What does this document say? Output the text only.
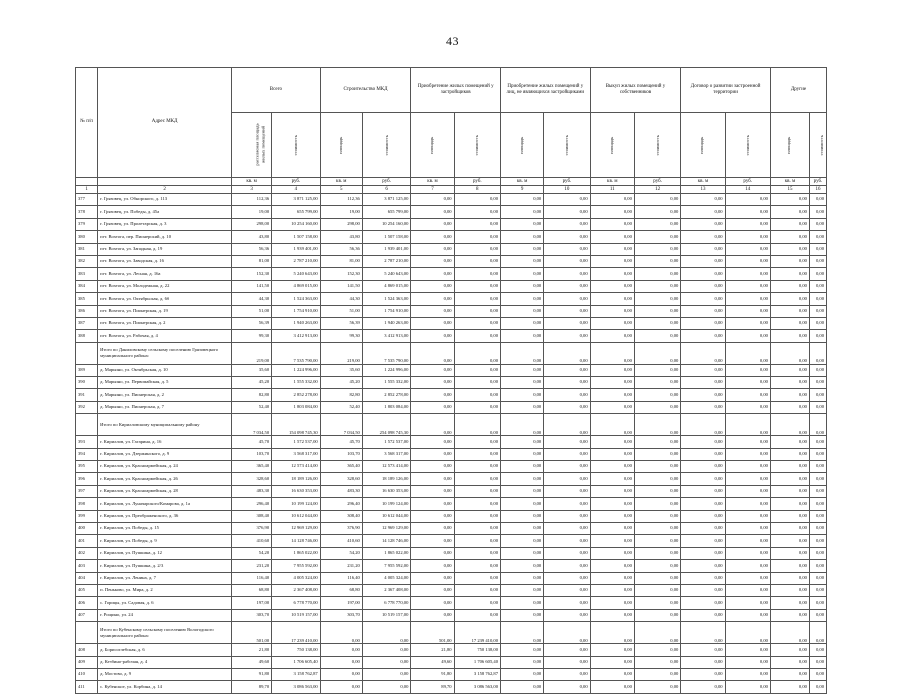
43
№ п/п	Адрес МКД	Всего		Строительство МКД		Приобретение жилых помещений у застройщиков		Приобретение жилых помещений у лиц, не являющихся застройщиками		Выкуп жилых помещений у собственников		Договор о развитии застроенной территории		Другие	
		расселяемая площадь жилых помещений	стоимость	площадь	стоимость	площадь	стоимость	площадь	стоимость	площадь	стоимость	площадь	стоимость	площадь	стоимость
		кв. м	руб.	кв. м	руб.	кв. м	руб.	кв. м	руб.	кв. м	руб.	кв. м	руб.	кв. м	руб.
1	2	3	4	5	6	7	8	9	10	11	12	13	14	15	16
377	г. Грязовец, ул. Обнорского, д. 113	112,36	3 871 125,00	112,36	3 871 125,00	0,00	0,00	0,00	0,00	0,00	0,00	0,00	0,00	0,00	0,00
378	г. Грязовец, ул. Победы, д. 45а	19,00	655 799,00	19,00	655 799,00	0,00	0,00	0,00	0,00	0,00	0,00	0,00	0,00	0,00	0,00
379	г. Грязовец, ул. Пролетарская, д. 3	298,00	10 254 160,00	298,00	10 254 160,00	0,00	0,00	0,00	0,00	0,00	0,00	0,00	0,00	0,00	0,00
380	пгт. Вохтога, пер. Пионерский, д. 10	43,80	1 507 158,00	43,80	1 507 158,00	0,00	0,00	0,00	0,00	0,00	0,00	0,00	0,00	0,00	0,00
381	пгт. Вохтога, ул. Западная, д. 19	56,36	1 939 401,00	56,36	1 939 401,00	0,00	0,00	0,00	0,00	0,00	0,00	0,00	0,00	0,00	0,00
382	пгт. Вохтога, ул. Заводская, д. 16	81,00	2 787 210,00	81,00	2 787 210,00	0,00	0,00	0,00	0,00	0,00	0,00	0,00	0,00	0,00	0,00
383	пгт. Вохтога, ул. Лесная, д. 16а	152,30	5 240 643,00	152,30	5 240 643,00	0,00	0,00	0,00	0,00	0,00	0,00	0,00	0,00	0,00	0,00
384	пгт. Вохтога, ул. Молодежная, д. 22	141,50	4 869 015,00	141,50	4 869 015,00	0,00	0,00	0,00	0,00	0,00	0,00	0,00	0,00	0,00	0,00
385	пгт. Вохтога, ул. Октябрьская, д. 6б	44,30	1 524 363,00	44,30	1 524 363,00	0,00	0,00	0,00	0,00	0,00	0,00	0,00	0,00	0,00	0,00
386	пгт. Вохтога, ул. Пионерская, д. 19	51,00	1 754 910,00	51,00	1 754 910,00	0,00	0,00	0,00	0,00	0,00	0,00	0,00	0,00	0,00	0,00
387	пгт. Вохтога, ул. Пионерская, д. 2	56,39	1 940 263,00	56,39	1 940 263,00	0,00	0,00	0,00	0,00	0,00	0,00	0,00	0,00	0,00	0,00
388	пгт. Вохтога, ул. Рабочая, д. 4	99,30	3 412 913,00	99,30	3 412 913,00	0,00	0,00	0,00	0,00	0,00	0,00	0,00	0,00	0,00	0,00
	Итого по Даниловскому сельскому поселению Грязовецкого муниципального района:	219,00	7 535 790,00	219,00	7 535 790,00	0,00	0,00	0,00	0,00	0,00	0,00	0,00	0,00	0,00	0,00
389	д. Марьино, ул. Октябрьская, д. 10	35,60	1 224 996,00	35,60	1 224 996,00	0,00	0,00	0,00	0,00	0,00	0,00	0,00	0,00	0,00	0,00
390	д. Марьино, ул. Первомайская, д. 5	45,20	1 555 332,00	45,20	1 555 332,00	0,00	0,00	0,00	0,00	0,00	0,00	0,00	0,00	0,00	0,00
391	д. Марьино, ул. Пионерская, д. 2	82,80	2 852 278,00	82,80	2 852 278,00	0,00	0,00	0,00	0,00	0,00	0,00	0,00	0,00	0,00	0,00
392	д. Марьино, ул. Пионерская, д. 7	52,40	1 803 084,00	52,40	1 803 084,00	0,00	0,00	0,00	0,00	0,00	0,00	0,00	0,00	0,00	0,00
	Итого по Кирилловскому муниципальному району	7 034,50	154 098 745,30	7 034,50	254 098 745,30	0,00	0,00	0,00	0,00	0,00	0,00	0,00	0,00	0,00	0,00
393	г. Кириллов, ул. Гагарина, д. 16	45,70	1 572 537,00	45,70	1 572 537,00	0,00	0,00	0,00	0,00	0,00	0,00	0,00	0,00	0,00	0,00
394	г. Кириллов, ул. Дзержинского, д. 9	103,70	3 568 317,00	103,70	3 568 317,00	0,00	0,00	0,00	0,00	0,00	0,00	0,00	0,00	0,00	0,00
395	г. Кириллов, ул. Красноармейская, д. 24	365,40	12 573 414,00	365,40	12 573 414,00	0,00	0,00	0,00	0,00	0,00	0,00	0,00	0,00	0,00	0,00
396	г. Кириллов, ул. Красноармейская, д. 26	328,60	18 189 126,00	328,60	18 189 126,00	0,00	0,00	0,00	0,00	0,00	0,00	0,00	0,00	0,00	0,00
397	г. Кириллов, ул. Красноармейская, д. 28	483,30	16 630 353,00	483,30	16 630 353,00	0,00	0,00	0,00	0,00	0,00	0,00	0,00	0,00	0,00	0,00
398	г. Кириллов, ул. Луначарского/Комарова, д. 1а	296,40	10 199 124,00	296,40	10 199 124,00	0,00	0,00	0,00	0,00	0,00	0,00	0,00	0,00	0,00	0,00
399	г. Кириллов, ул. Преображенского, д. 36	308,40	10 612 044,00	308,40	10 612 044,00	0,00	0,00	0,00	0,00	0,00	0,00	0,00	0,00	0,00	0,00
400	г. Кириллов, ул. Победы, д. 15	376,90	12 969 129,00	376,90	12 969 129,00	0,00	0,00	0,00	0,00	0,00	0,00	0,00	0,00	0,00	0,00
401	г. Кириллов, ул. Победы, д. 9	410,60	14 128 746,00	410,60	14 128 746,00	0,00	0,00	0,00	0,00	0,00	0,00	0,00	0,00	0,00	0,00
402	г. Кириллов, ул. Пушкина, д. 12	54,20	1 865 022,00	54,20	1 865 022,00	0,00	0,00	0,00	0,00	0,00	0,00	0,00	0,00	0,00	0,00
403	г. Кириллов, ул. Пушкина, д. 2/3	231,20	7 955 592,00	231,20	7 955 592,00	0,00	0,00	0,00	0,00	0,00	0,00	0,00	0,00	0,00	0,00
404	г. Кириллов, ул. Ленина, д. 7	116,40	4 005 324,00	116,40	4 005 324,00	0,00	0,00	0,00	0,00	0,00	0,00	0,00	0,00	0,00	0,00
405	п. Пеньково, ул. Мира, д. 2	68,80	2 367 408,00	68,80	2 367 408,00	0,00	0,00	0,00	0,00	0,00	0,00	0,00	0,00	0,00	0,00
406	с. Горицы, ул. Садовая, д. 6	197,00	6 778 770,00	197,00	6 778 770,00	0,00	0,00	0,00	0,00	0,00	0,00	0,00	0,00	0,00	0,00
407	г. Рощино, ул. 24	303,70	10 519 157,00	303,70	10 519 157,00	0,00	0,00	0,00	0,00	0,00	0,00	0,00	0,00	0,00	0,00
	Итого по Кубенскому сельскому поселению Вологодского муниципального района:	501,00	17 239 410,00	0,00	0,00	501,00	17 239 410,00	0,00	0,00	0,00	0,00	0,00	0,00	0,00	0,00
408	д. Борисоглебская, д. 6	21,80	750 138,00	0,00	0,00	21,80	750 138,00	0,00	0,00	0,00	0,00	0,00	0,00	0,00	0,00
409	д. Кезбино-рабочая, д. 4	49,60	1 706 605,40	0,00	0,00	49,60	1 706 605,40	0,00	0,00	0,00	0,00	0,00	0,00	0,00	0,00
410	д. Мостово, д. 9	91,80	3 158 762,87	0,00	0,00	91,80	3 158 762,87	0,00	0,00	0,00	0,00	0,00	0,00	0,00	0,00
411	с. Кубенское, ул. Корбина, д. 14	89,70	3 086 563,00	0,00	0,00	89,70	3 086 563,00	0,00	0,00	0,00	0,00	0,00	0,00	0,00	0,00
